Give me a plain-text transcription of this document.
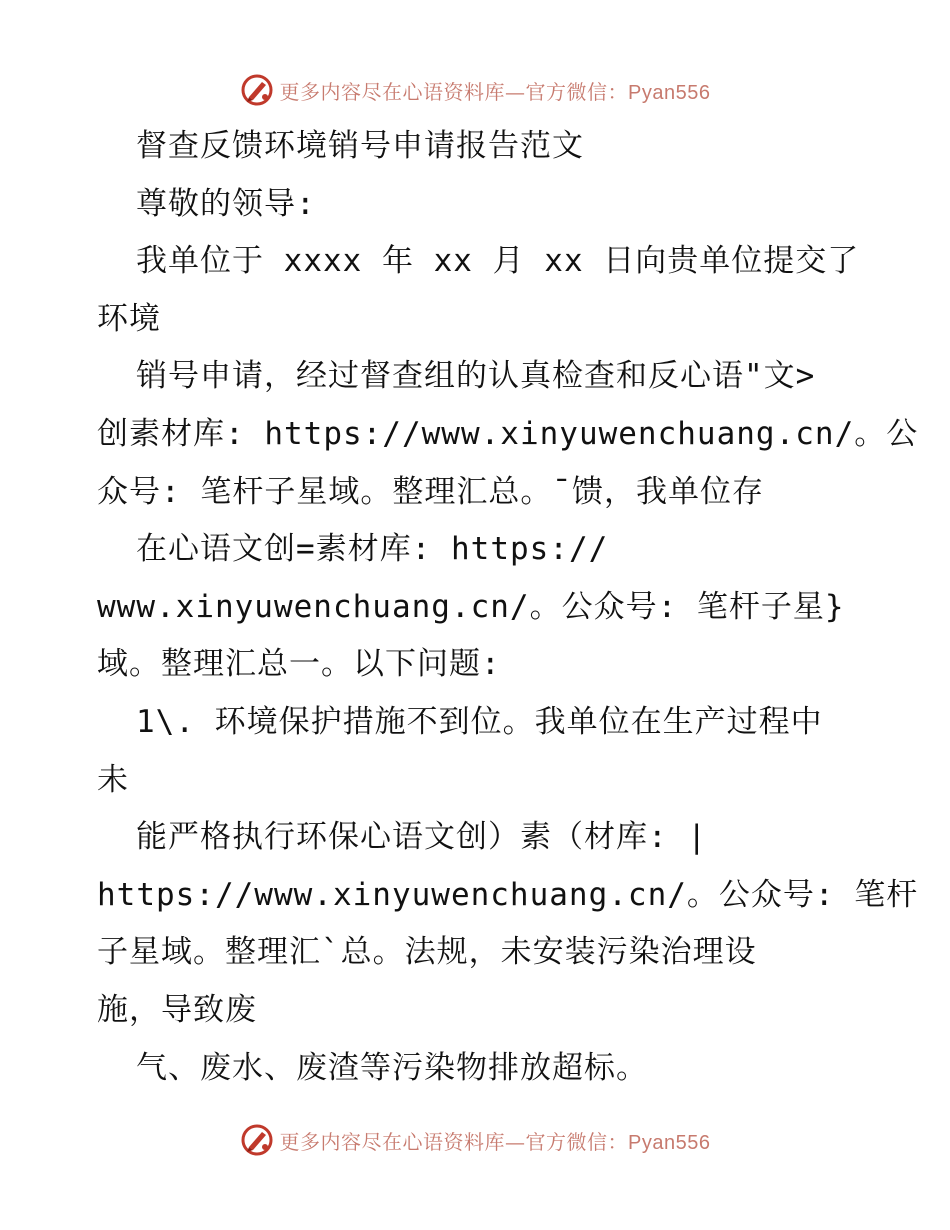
更多内容尽在心语资料库—官方微信：Pyan556
督查反馈环境销号申请报告范文
尊敬的领导:
我单位于 xxxx 年 xx 月 xx 日向贵单位提交了
环境
销号申请，经过督查组的认真检查和反心语"文>
创素材库: https://www.xinyuwenchuang.cn/。公
众号: 笔杆子星域。整理汇总。¯馈，我单位存
在心语文创=素材库: https://
www.xinyuwenchuang.cn/。公众号: 笔杆子星}
域。整理汇总一。以下问题:
1\. 环境保护措施不到位。我单位在生产过程中
未
能严格执行环保心语文创）素（材库: |
https://www.xinyuwenchuang.cn/。公众号: 笔杆
子星域。整理汇`总。法规，未安装污染治理设
施，导致废
气、废水、废渣等污染物排放超标。
更多内容尽在心语资料库—官方微信：Pyan556
